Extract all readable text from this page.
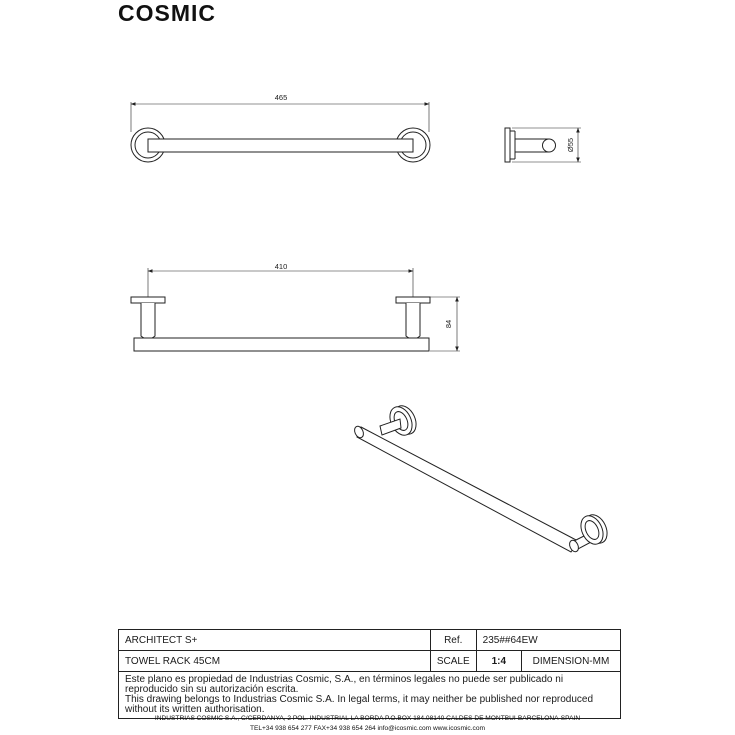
COSMIC
465
Ø55
410
84
ARCHITECT S+	Ref.	235##64EW	
TOWEL RACK 45CM	SCALE	1:4	DIMENSION-MM

Este plano es propiedad de Industrias Cosmic, S.A., en términos legales no puede ser publicado ni reproducido sin su autorización escrita.
This drawing belongs to Industrias Cosmic S.A. In legal terms, it may neither be published nor reproduced without its written authorisation.			
INDUSTRIAS COSMIC S.A., C/CERDANYA, 2 POL. INDUSTRIAL LA BORDA P.O.BOX 184.08140 CALDES DE MONTBUI-BARCELONA-SPAIN
TEL+34 938 654 277 FAX+34 938 654 264 info@icosmic.com www.icosmic.com
